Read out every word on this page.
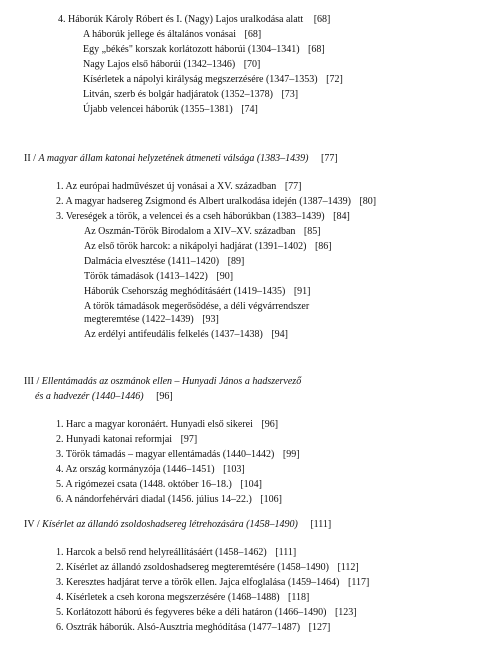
4. Háborúk Károly Róbert és I. (Nagy) Lajos uralkodása alatt [68]
A háborúk jellege és általános vonásai [68]
Egy „békés" korszak korlátozott háborúi (1304–1341) [68]
Nagy Lajos első háborúi (1342–1346) [70]
Kísérletek a nápolyi királyság megszerzésére (1347–1353) [72]
Litván, szerb és bolgár hadjáratok (1352–1378) [73]
Újabb velencei háborúk (1355–1381) [74]
II / A magyar állam katonai helyzetének átmeneti válsága (1383–1439) [77]
1. Az európai hadművészet új vonásai a XV. században [77]
2. A magyar hadsereg Zsigmond és Albert uralkodása idején (1387–1439) [80]
3. Vereségek a török, a velencei és a cseh háborúkban (1383–1439) [84]
Az Oszmán-Török Birodalom a XIV–XV. században [85]
Az első török harcok: a nikápolyi hadjárat (1391–1402) [86]
Dalmácia elvesztése (1411–1420) [89]
Török támadások (1413–1422) [90]
Háborúk Csehország meghódításáért (1419–1435) [91]
A török támadások megerősödése, a déli végvárrendszer
megteremtése (1422–1439) [93]
Az erdélyi antifeudális felkelés (1437–1438) [94]
III / Ellentámadás az oszmánok ellen – Hunyadi János a hadszervező
és a hadvezér (1440–1446) [96]
1. Harc a magyar koronáért. Hunyadi első sikerei [96]
2. Hunyadi katonai reformjai [97]
3. Török támadás – magyar ellentámadás (1440–1442) [99]
4. Az ország kormányzója (1446–1451) [103]
5. A rigómezei csata (1448. október 16–18.) [104]
6. A nándorfehérvári diadal (1456. július 14–22.) [106]
IV / Kísérlet az állandó zsoldoshadsereg létrehozására (1458–1490) [111]
1. Harcok a belső rend helyreállításáért (1458–1462) [111]
2. Kísérlet az állandó zsoldoshadsereg megteremtésére (1458–1490) [112]
3. Keresztes hadjárat terve a török ellen. Jajca elfoglalása (1459–1464) [117]
4. Kísérletek a cseh korona megszerzésére (1468–1488) [118]
5. Korlátozott háború és fegyveres béke a déli határon (1466–1490) [123]
6. Osztrák háborúk. Alsó-Ausztria meghódítása (1477–1487) [127]
